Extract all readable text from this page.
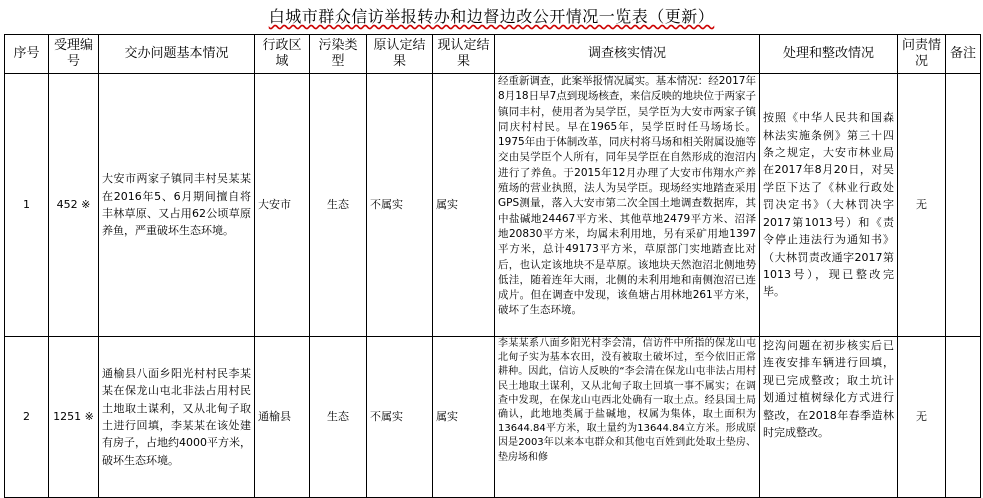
白城市群众信访举报转办和边督边改公开情况一览表（更新）
序号	受理编号	交办问题基本情况	行政区域	污染类型	原认定结果	现认定结果	调查核实情况	处理和整改情况	问责情况	备注
1	452 ※	大安市两家子镇同丰村吴某某在2016年5、6月期间擅自将丰林草原、又占用62公顷草原养鱼，严重破坏生态环境。	大安市	生态	不属实	属实	经重新调查，此案举报情况属实。基本情况：经2017年8月18日早7点到现场核查，来信反映的地块位于两家子镇同丰村，使用者为吴学臣，吴学臣为大安市两家子镇同庆村村民。早在1965年，吴学臣时任马场场长。1975年由于体制改革，同庆村将马场和相关附属设施等交由吴学臣个人所有，同年吴学臣在自然形成的泡沼内进行了养鱼。于2015年12月办理了大安市伟翔水产养殖场的营业执照，法人为吴学臣。现场经实地踏查采用GPS测量，落入大安市第二次全国土地调查数据库，其中盐碱地24467平方米、其他草地2479平方米、沼泽地20830平方米，均属未利用地，另有采矿用地1397平方米，总计49173平方米，草原部门实地踏查比对后，也认定该地块不是草原。该地块天然泡沼北侧地势低洼，随着连年大雨，北侧的未利用地和南侧泡沼已连成片。但在调查中发现，该鱼塘占用林地261平方米，破坏了生态环境。	按照《中华人民共和国森林法实施条例》第三十四条之规定，大安市林业局在2017年8月20日，对吴学臣下达了《林业行政处罚决定书》（大林罚决字2017第1013号）和《责令停止违法行为通知书》（大林罚责改通字2017第1013号），现已整改完毕。	无	
2	1251 ※	通榆县八面乡阳光村村民李某某在保龙山屯北非法占用村民土地取土谋利，又从北甸子取土进行回填，李某某在该处建有房子，占地约4000平方米，破坏生态环境。	通榆县	生态	不属实	属实	李某某系八面乡阳光村李会清，信访件中所指的保龙山屯北甸子实为基本农田，没有被取土破坏过，至今依旧正常耕种。因此，信访人反映的“李会清在保龙山屯非法占用村民土地取土谋利，又从北甸子取土回填一事不属实；在调查中发现，在保龙山屯西北处确有一取土点。经县国土局确认，此地地类属于盐碱地，权属为集体，取土面积为13644.84平方米，取土量约为13644.84立方米。形成原因是2003年以来本屯群众和其他屯百姓到此处取土垫房、垫房场和修	挖沟问题在初步核实后已连夜安排车辆进行回填，现已完成整改；取土坑计划通过植树绿化方式进行整改，在2018年春季造林时完成整改。	无	
